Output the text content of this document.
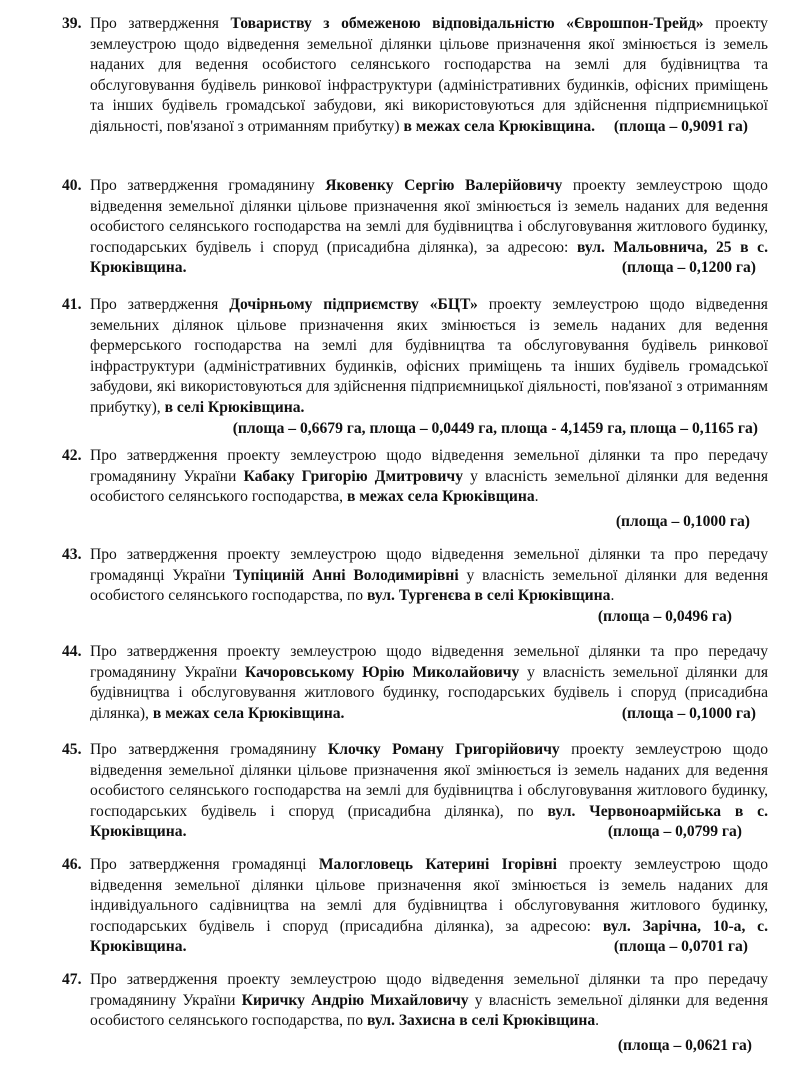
39. Про затвердження Товариству з обмеженою відповідальністю «Єврошпон-Трейд» проекту землеустрою щодо відведення земельної ділянки цільове призначення якої змінюється із земель наданих для ведення особистого селянського господарства на землі для будівництва та обслуговування будівель ринкової інфраструктури (адміністративних будинків, офісних приміщень та інших будівель громадської забудови, які використовуються для здійснення підприємницької діяльності, пов'язаної з отриманням прибутку) в межах села Крюківщина.	(площа – 0,9091 га)
40. Про затвердження громадянину Яковенку Сергію Валерійовичу проекту землеустрою щодо відведення земельної ділянки цільове призначення якої змінюється із земель наданих для ведення особистого селянського господарства на землі для будівництва і обслуговування житлового будинку, господарських будівель і споруд (присадибна ділянка), за адресою: вул. Мальовнича, 25 в с. Крюківщина.	(площа – 0,1200 га)
41. Про затвердження Дочірньому підприємству «БЦТ» проекту землеустрою щодо відведення земельних ділянок цільове призначення яких змінюється із земель наданих для ведення фермерського господарства на землі для будівництва та обслуговування будівель ринкової інфраструктури (адміністративних будинків, офісних приміщень та інших будівель громадської забудови, які використовуються для здійснення підприємницької діяльності, пов'язаної з отриманням прибутку), в селі Крюківщина.
(площа – 0,6679 га, площа – 0,0449 га, площа - 4,1459 га, площа – 0,1165 га)
42. Про затвердження проекту землеустрою щодо відведення земельної ділянки та про передачу громадянину України Кабаку Григорію Дмитровичу у власність земельної ділянки для ведення особистого селянського господарства, в межах села Крюківщина.
(площа – 0,1000 га)
43. Про затвердження проекту землеустрою щодо відведення земельної ділянки та про передачу громадянці України Тупіциній Анні Володимирівні у власність земельної ділянки для ведення особистого селянського господарства, по вул. Тургенєва в селі Крюківщина.
(площа – 0,0496 га)
44. Про затвердження проекту землеустрою щодо відведення земельної ділянки та про передачу громадянину України Качоровському Юрію Миколайовичу у власність земельної ділянки для будівництва і обслуговування житлового будинку, господарських будівель і споруд (присадибна ділянка), в межах села Крюківщина.	(площа – 0,1000 га)
45. Про затвердження громадянину Клочку Роману Григорійовичу проекту землеустрою щодо відведення земельної ділянки цільове призначення якої змінюється із земель наданих для ведення особистого селянського господарства на землі для будівництва і обслуговування житлового будинку, господарських будівель і споруд (присадибна ділянка), по вул. Червоноармійська в с. Крюківщина.	(площа – 0,0799 га)
46. Про затвердження громадянці Малогловець Катерині Ігорівні проекту землеустрою щодо відведення земельної ділянки цільове призначення якої змінюється із земель наданих для індивідуального садівництва на землі для будівництва і обслуговування житлового будинку, господарських будівель і споруд (присадибна ділянка), за адресою: вул. Зарічна, 10-а, с. Крюківщина.	(площа – 0,0701 га)
47. Про затвердження проекту землеустрою щодо відведення земельної ділянки та про передачу громадянину України Киричку Андрію Михайловичу у власність земельної ділянки для ведення особистого селянського господарства, по вул. Захисна в селі Крюківщина.
(площа – 0,0621 га)
